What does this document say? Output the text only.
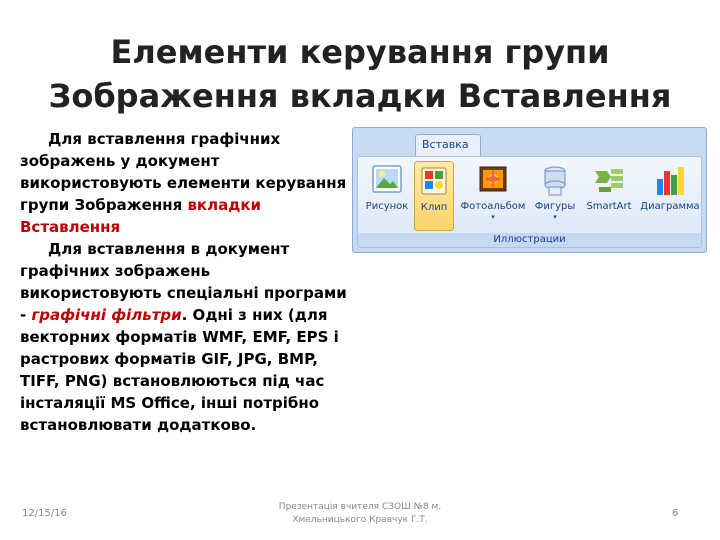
Елементи керування групи
Зображення вкладки Вставлення

Для вставлення графічних зображень у документ використовують елементи керування групи Зображення вкладки Вставлення

Для вставлення в документ графічних зображень використовують спеціальні програми - графічні фільтри. Одні з них (для векторних форматів WMF, EMF, EPS і растрових форматів GIF, JPG, BMP, TIFF, PNG) встановлюються під час інсталяції MS Office, інші потрібно встановлювати додатково.

Вставка
Рисунок	Клип	Фотоальбом
▾
Фигуры
▾
SmartArt Диаграмма
Иллюстрации
12/15/16
Презентація вчителя СЗОШ №8 м.
Хмельницького Кравчук Г.Т.
6
